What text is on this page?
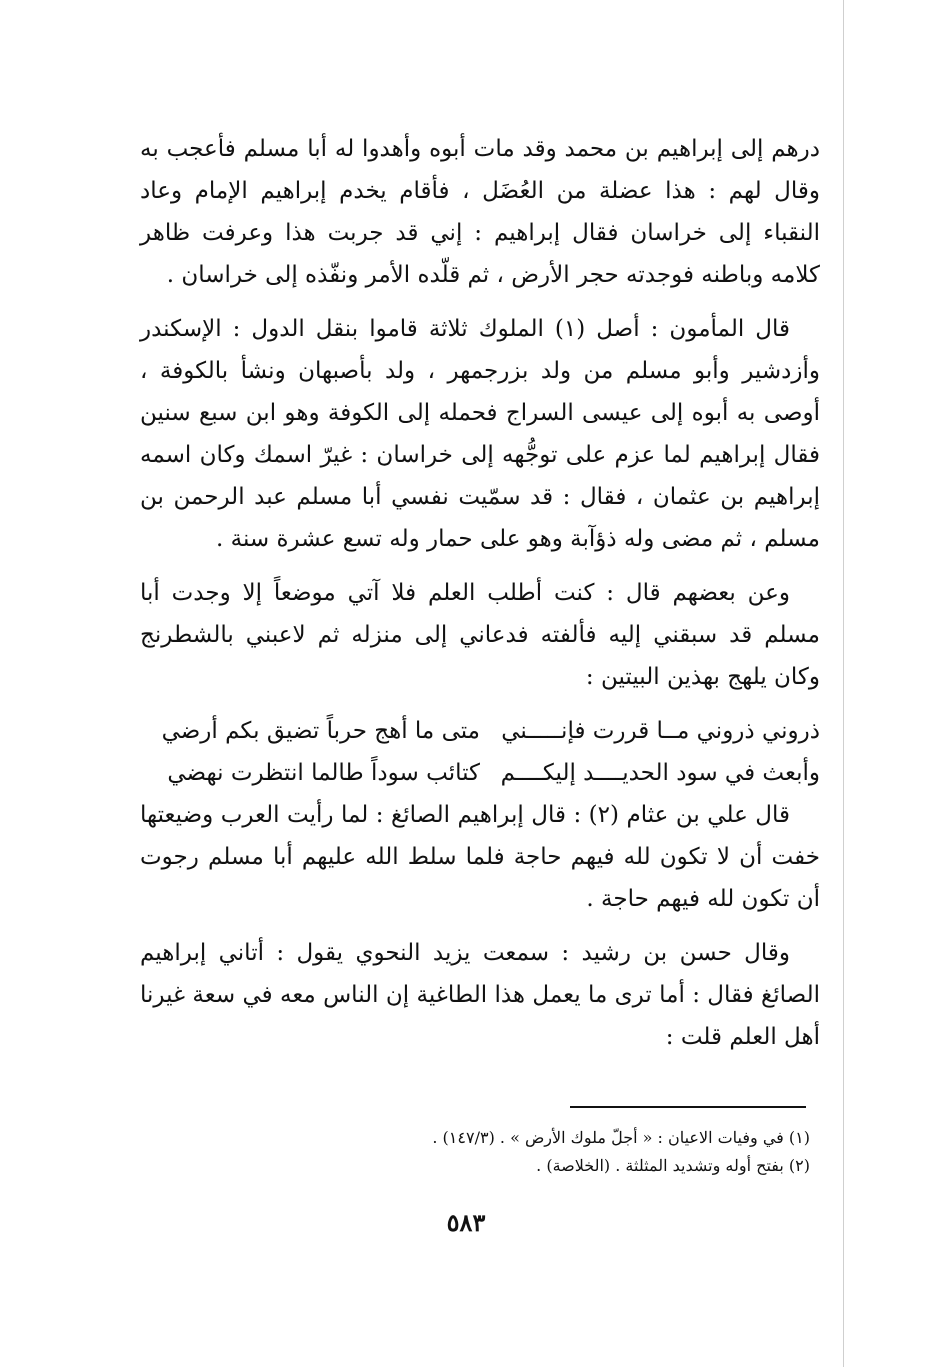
درهم إلى إبراهيم بن محمد وقد مات أبوه وأهدوا له أبا مسلم فأعجب به وقال لهم : هذا عضلة من العُضَل ، فأقام يخدم إبراهيم الإمام وعاد النقباء إلى خراسان فقال إبراهيم : إني قد جربت هذا وعرفت ظاهر كلامه وباطنه فوجدته حجر الأرض ، ثم قلّده الأمر ونفّذه إلى خراسان .

قال المأمون : أصل (١) الملوك ثلاثة قاموا بنقل الدول : الإسكندر وأزدشير وأبو مسلم من ولد بزرجمهر ، ولد بأصبهان ونشأ بالكوفة ، أوصى به أبوه إلى عيسى السراج فحمله إلى الكوفة وهو ابن سبع سنين فقال إبراهيم لما عزم على توجُّهه إلى خراسان : غيرّ اسمك وكان اسمه إبراهيم بن عثمان ، فقال : قد سمّيت نفسي أبا مسلم عبد الرحمن بن مسلم ، ثم مضى وله ذؤآبة وهو على حمار وله تسع عشرة سنة .

وعن بعضهم قال : كنت أطلب العلم فلا آتي موضعاً إلا وجدت أبا مسلم قد سبقني إليه فألفته فدعاني إلى منزله ثم لاعبني بالشطرنج وكان يلهج بهذين البيتين :

ذروني ذروني مــا قررت فإنـــــني
متى ما أهج حرباً تضيق بكم أرضي
وأبعث في سود الحديــــد إليكــــم
كتائب سوداً طالما انتظرت نهضي

قال علي بن عثام (٢) : قال إبراهيم الصائغ : لما رأيت العرب وضيعتها خفت أن لا تكون لله فيهم حاجة فلما سلط الله عليهم أبا مسلم رجوت أن تكون لله فيهم حاجة .

وقال حسن بن رشيد : سمعت يزيد النحوي يقول : أتاني إبراهيم الصائغ فقال : أما ترى ما يعمل هذا الطاغية إن الناس معه في سعة غيرنا أهل العلم قلت :

(١) في وفيات الاعيان : « أجلّ ملوك الأرض » . (١٤٧/٣) .

(٢) بفتح أوله وتشديد المثلثة . (الخلاصة) .

٥٨٣
